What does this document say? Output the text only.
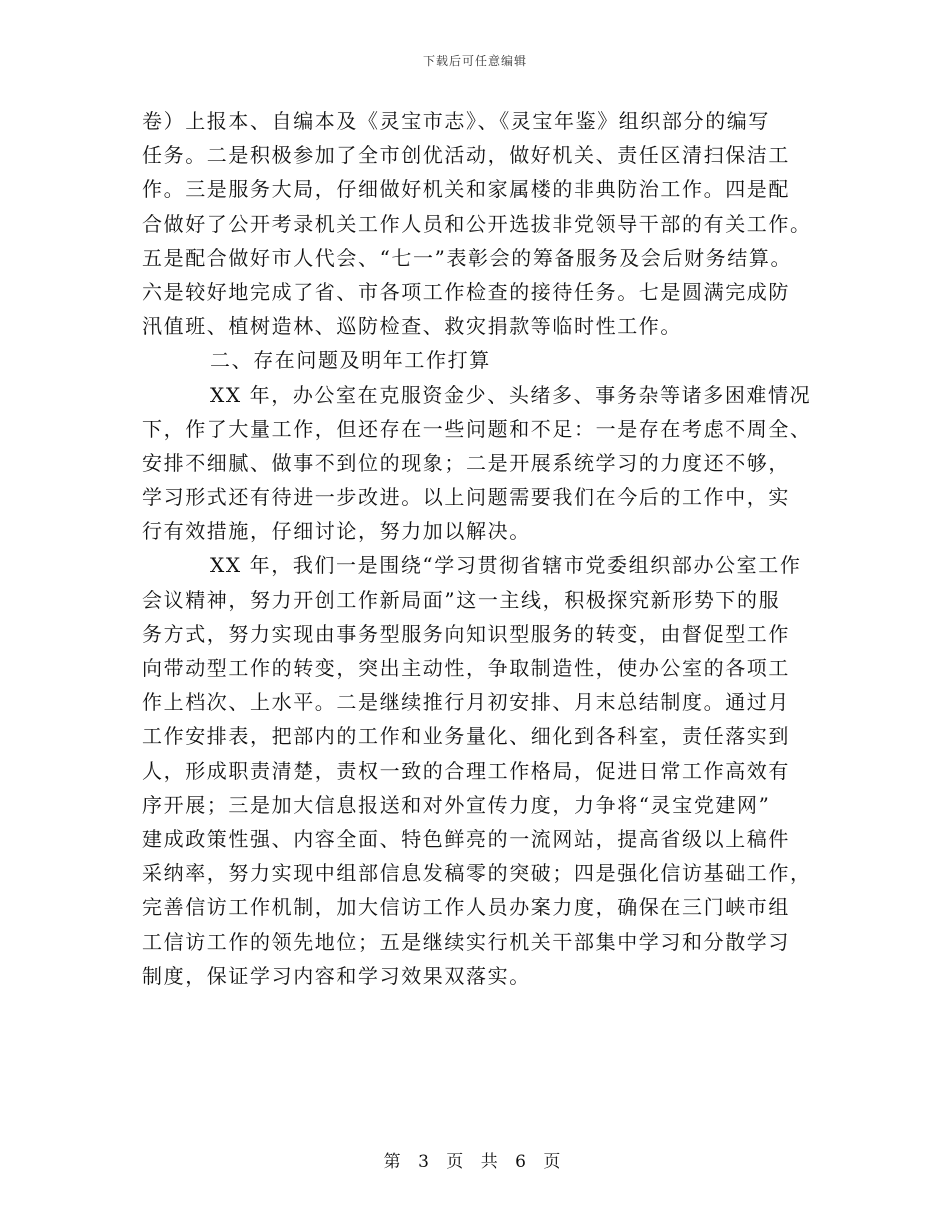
下载后可任意编辑
卷）上报本、自编本及《灵宝市志》、《灵宝年鉴》组织部分的编写
任务。二是积极参加了全市创优活动，做好机关、责任区清扫保洁工
作。三是服务大局，仔细做好机关和家属楼的非典防治工作。四是配
合做好了公开考录机关工作人员和公开选拔非党领导干部的有关工作。
五是配合做好市人代会、“七一”表彰会的筹备服务及会后财务结算。
六是较好地完成了省、市各项工作检查的接待任务。七是圆满完成防
汛值班、植树造林、巡防检查、救灾捐款等临时性工作。
二、存在问题及明年工作打算
XX 年，办公室在克服资金少、头绪多、事务杂等诸多困难情况
下，作了大量工作，但还存在一些问题和不足：一是存在考虑不周全、
安排不细腻、做事不到位的现象；二是开展系统学习的力度还不够，
学习形式还有待进一步改进。以上问题需要我们在今后的工作中，实
行有效措施，仔细讨论，努力加以解决。
XX 年，我们一是围绕“学习贯彻省辖市党委组织部办公室工作
会议精神，努力开创工作新局面”这一主线，积极探究新形势下的服
务方式，努力实现由事务型服务向知识型服务的转变，由督促型工作
向带动型工作的转变，突出主动性，争取制造性，使办公室的各项工
作上档次、上水平。二是继续推行月初安排、月末总结制度。通过月
工作安排表，把部内的工作和业务量化、细化到各科室，责任落实到
人，形成职责清楚，责权一致的合理工作格局，促进日常工作高效有
序开展；三是加大信息报送和对外宣传力度，力争将“灵宝党建网”
建成政策性强、内容全面、特色鲜亮的一流网站，提高省级以上稿件
采纳率，努力实现中组部信息发稿零的突破；四是强化信访基础工作，
完善信访工作机制，加大信访工作人员办案力度，确保在三门峡市组
工信访工作的领先地位；五是继续实行机关干部集中学习和分散学习
制度，保证学习内容和学习效果双落实。
第 3 页 共 6 页
